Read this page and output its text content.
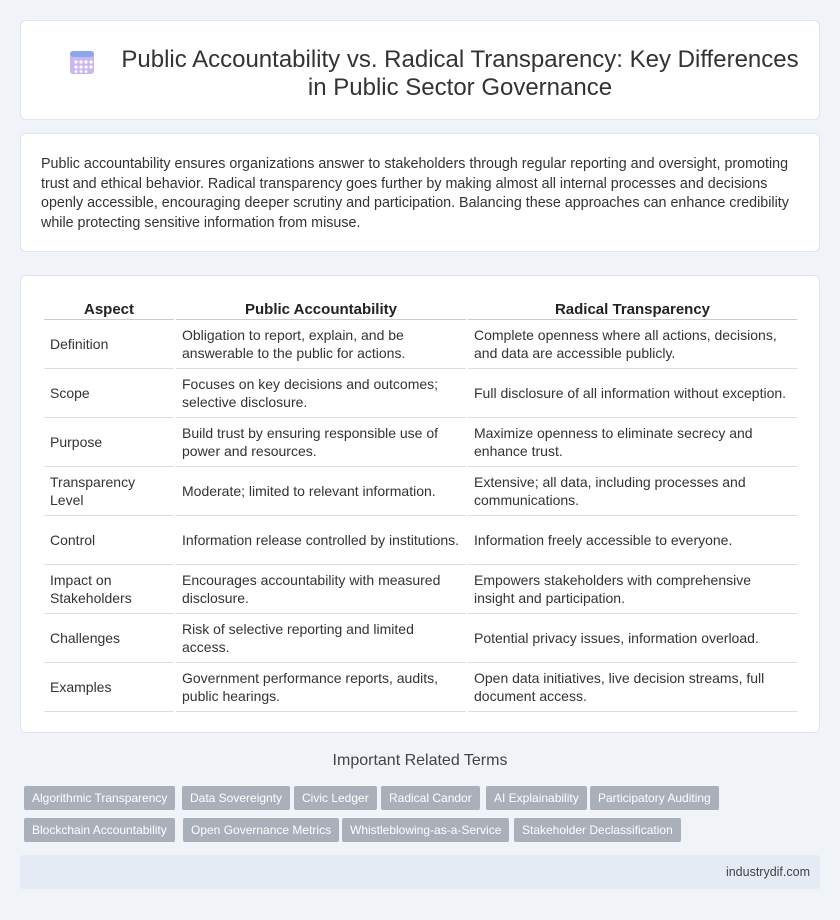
Public Accountability vs. Radical Transparency: Key Differences in Public Sector Governance

Public accountability ensures organizations answer to stakeholders through regular reporting and oversight, promoting trust and ethical behavior. Radical transparency goes further by making almost all internal processes and decisions openly accessible, encouraging deeper scrutiny and participation. Balancing these approaches can enhance credibility while protecting sensitive information from misuse.

Aspect	Public Accountability	Radical Transparency
Definition	Obligation to report, explain, and be answerable to the public for actions.	Complete openness where all actions, decisions, and data are accessible publicly.
Scope	Focuses on key decisions and outcomes; selective disclosure.	Full disclosure of all information without exception.
Purpose	Build trust by ensuring responsible use of power and resources.	Maximize openness to eliminate secrecy and enhance trust.
Transparency Level	Moderate; limited to relevant information.	Extensive; all data, including processes and communications.
Control	Information release controlled by institutions.	Information freely accessible to everyone.
Impact on Stakeholders	Encourages accountability with measured disclosure.	Empowers stakeholders with comprehensive insight and participation.
Challenges	Risk of selective reporting and limited access.	Potential privacy issues, information overload.
Examples	Government performance reports, audits, public hearings.	Open data initiatives, live decision streams, full document access.
Important Related Terms
Algorithmic Transparency	Data Sovereignty	Civic Ledger	Radical Candor	AI Explainability	Participatory Auditing
Blockchain Accountability	Open Governance Metrics	Whistleblowing-as-a-Service	Stakeholder Declassification
industrydif.com
